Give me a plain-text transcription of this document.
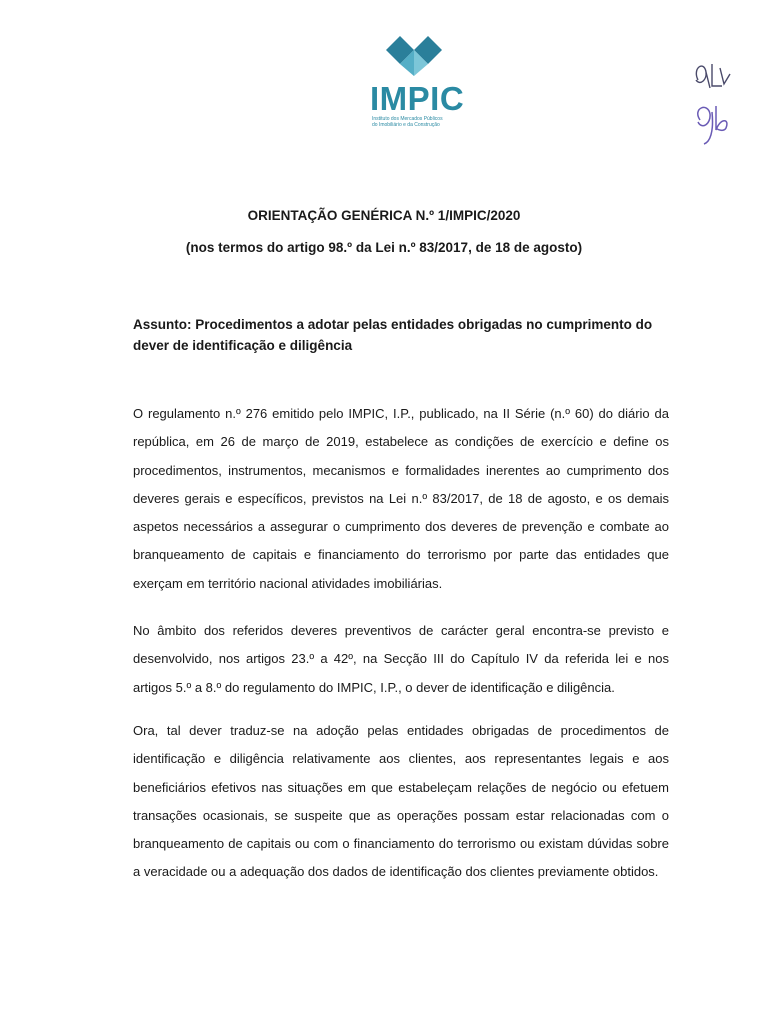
IMPIC
Instituto dos Mercados Públicos
do Imobiliário e da Construção
ORIENTAÇÃO GENÉRICA N.º 1/IMPIC/2020
(nos termos do artigo 98.º da Lei n.º 83/2017, de 18 de agosto)
Assunto: Procedimentos a adotar pelas entidades obrigadas no cumprimento do dever de identificação e diligência
O regulamento n.º 276 emitido pelo IMPIC, I.P., publicado, na II Série (n.º 60) do diário da república, em 26 de março de 2019, estabelece as condições de exercício e define os procedimentos, instrumentos, mecanismos e formalidades inerentes ao cumprimento dos deveres gerais e específicos, previstos na Lei n.º 83/2017, de 18 de agosto, e os demais aspetos necessários a assegurar o cumprimento dos deveres de prevenção e combate ao branqueamento de capitais e financiamento do terrorismo por parte das entidades que exerçam em território nacional atividades imobiliárias.
No âmbito dos referidos deveres preventivos de carácter geral encontra-se previsto e desenvolvido, nos artigos 23.º a 42º, na Secção III do Capítulo IV da referida lei e nos artigos 5.º a 8.º do regulamento do IMPIC, I.P., o dever de identificação e diligência.
Ora, tal dever traduz-se na adoção pelas entidades obrigadas de procedimentos de identificação e diligência relativamente aos clientes, aos representantes legais e aos beneficiários efetivos nas situações em que estabeleçam relações de negócio ou efetuem transações ocasionais, se suspeite que as operações possam estar relacionadas com o branqueamento de capitais ou com o financiamento do terrorismo ou existam dúvidas sobre a veracidade ou a adequação dos dados de identificação dos clientes previamente obtidos.
